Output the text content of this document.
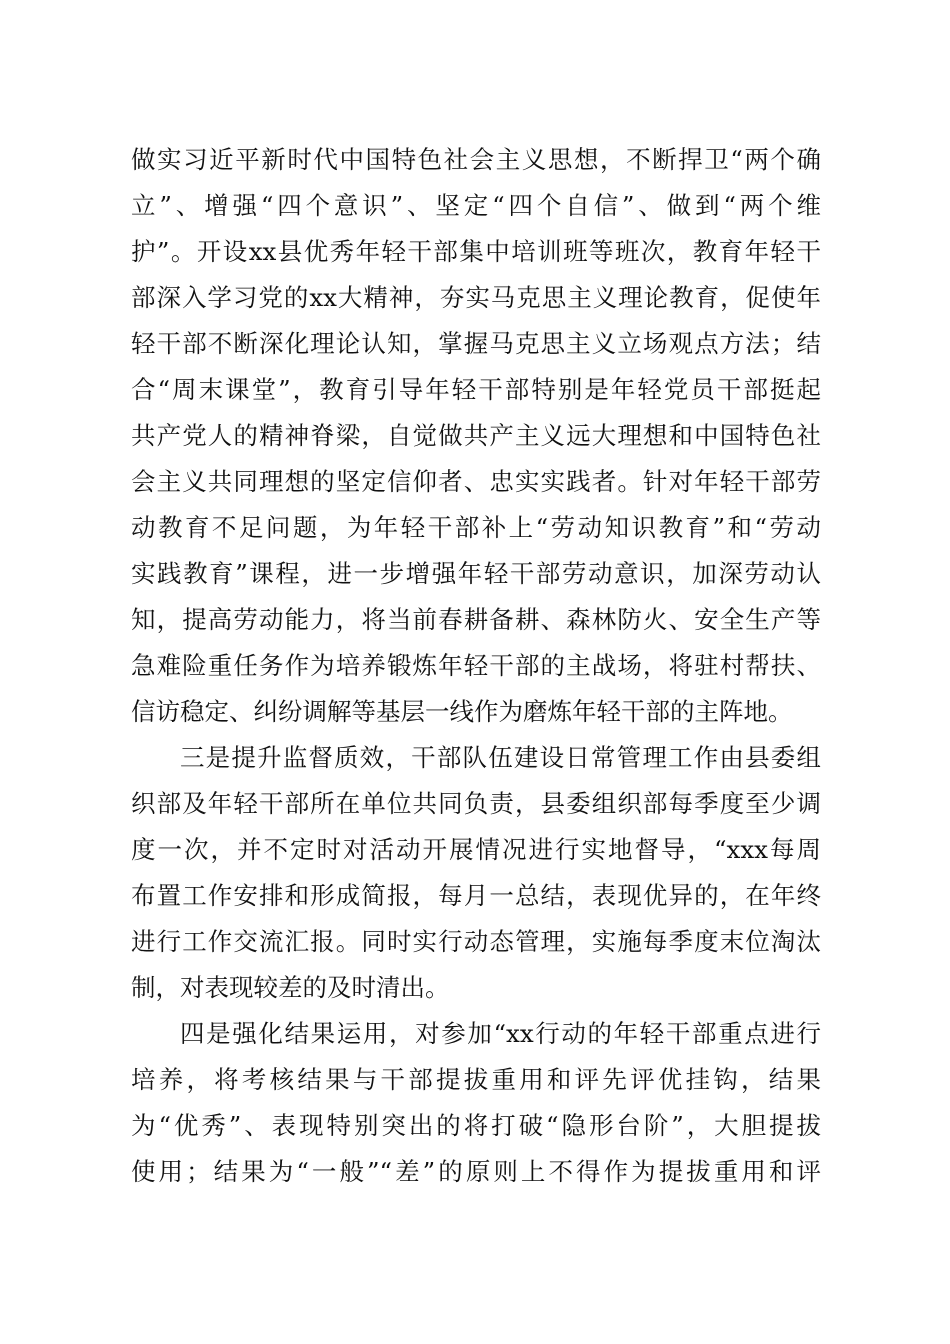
做实习近平新时代中国特色社会主义思想，不断捍卫“两个确
立”、增强“四个意识”、坚定“四个自信”、做到“两个维
护”。开设xx县优秀年轻干部集中培训班等班次，教育年轻干
部深入学习党的xx大精神，夯实马克思主义理论教育，促使年
轻干部不断深化理论认知，掌握马克思主义立场观点方法；结
合“周末课堂”，教育引导年轻干部特别是年轻党员干部挺起
共产党人的精神脊梁，自觉做共产主义远大理想和中国特色社
会主义共同理想的坚定信仰者、忠实实践者。针对年轻干部劳
动教育不足问题，为年轻干部补上“劳动知识教育”和“劳动
实践教育”课程，进一步增强年轻干部劳动意识，加深劳动认
知，提高劳动能力，将当前春耕备耕、森林防火、安全生产等
急难险重任务作为培养锻炼年轻干部的主战场，将驻村帮扶、
信访稳定、纠纷调解等基层一线作为磨炼年轻干部的主阵地。
三是提升监督质效，干部队伍建设日常管理工作由县委组
织部及年轻干部所在单位共同负责，县委组织部每季度至少调
度一次，并不定时对活动开展情况进行实地督导，“xxx每周
布置工作安排和形成简报，每月一总结，表现优异的，在年终
进行工作交流汇报。同时实行动态管理，实施每季度末位淘汰
制，对表现较差的及时清出。
四是强化结果运用，对参加“xx行动的年轻干部重点进行
培养，将考核结果与干部提拔重用和评先评优挂钩，结果
为“优秀”、表现特别突出的将打破“隐形台阶”，大胆提拔
使用；结果为“一般”“差”的原则上不得作为提拔重用和评
